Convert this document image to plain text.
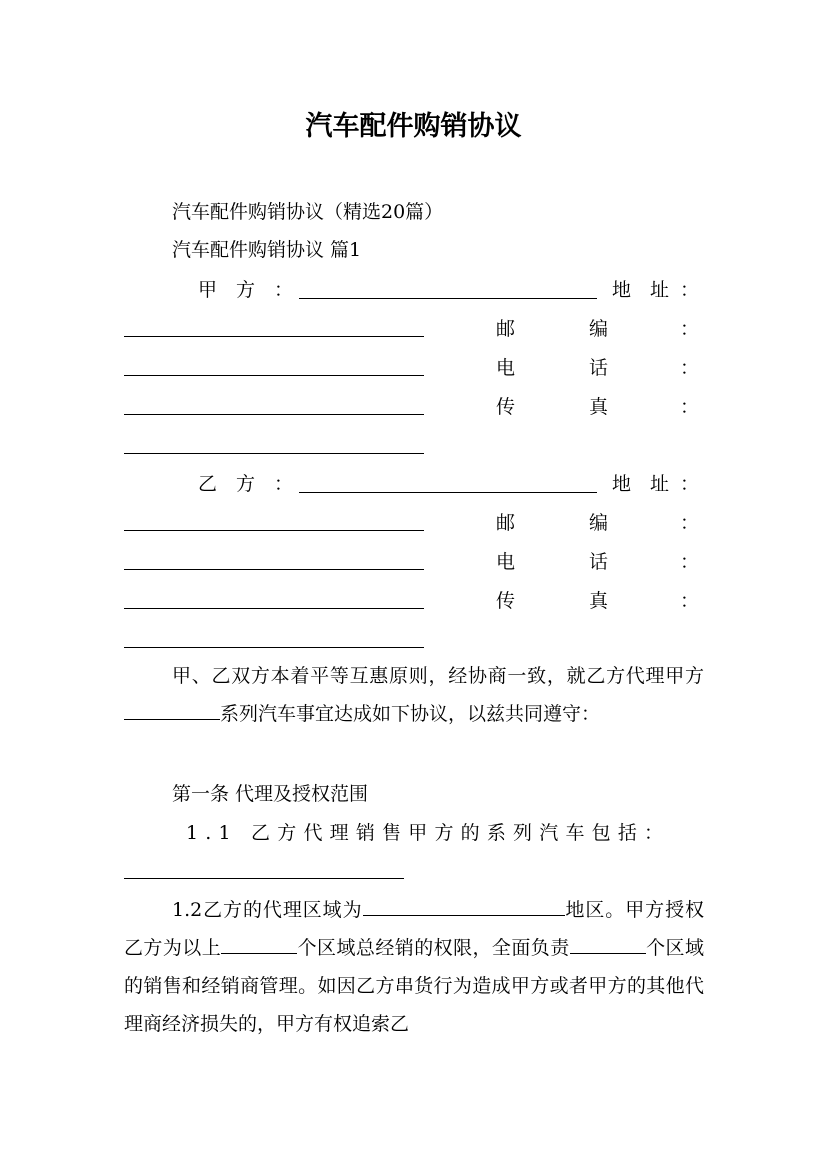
汽车配件购销协议
汽车配件购销协议（精选20篇）
汽车配件购销协议 篇1
甲　方　：	地　址 ：
邮	编	：
电	话	：
传	真	：
乙　方　：	地　址 ：
邮	编	：
电	话	：
传	真	：
甲、乙双方本着平等互惠原则，经协商一致，就乙方代理甲方系列汽车事宜达成如下协议，以兹共同遵守：
第一条 代理及授权范围
1.1 乙方代理销售甲方的系列汽车包括：
1.2乙方的代理区域为	地区。甲方授权乙方为以上	个区域总经销的权限，全面负责	个区域的销售和经销商管理。如因乙方串货行为造成甲方或者甲方的其他代理商经济损失的，甲方有权追索乙
